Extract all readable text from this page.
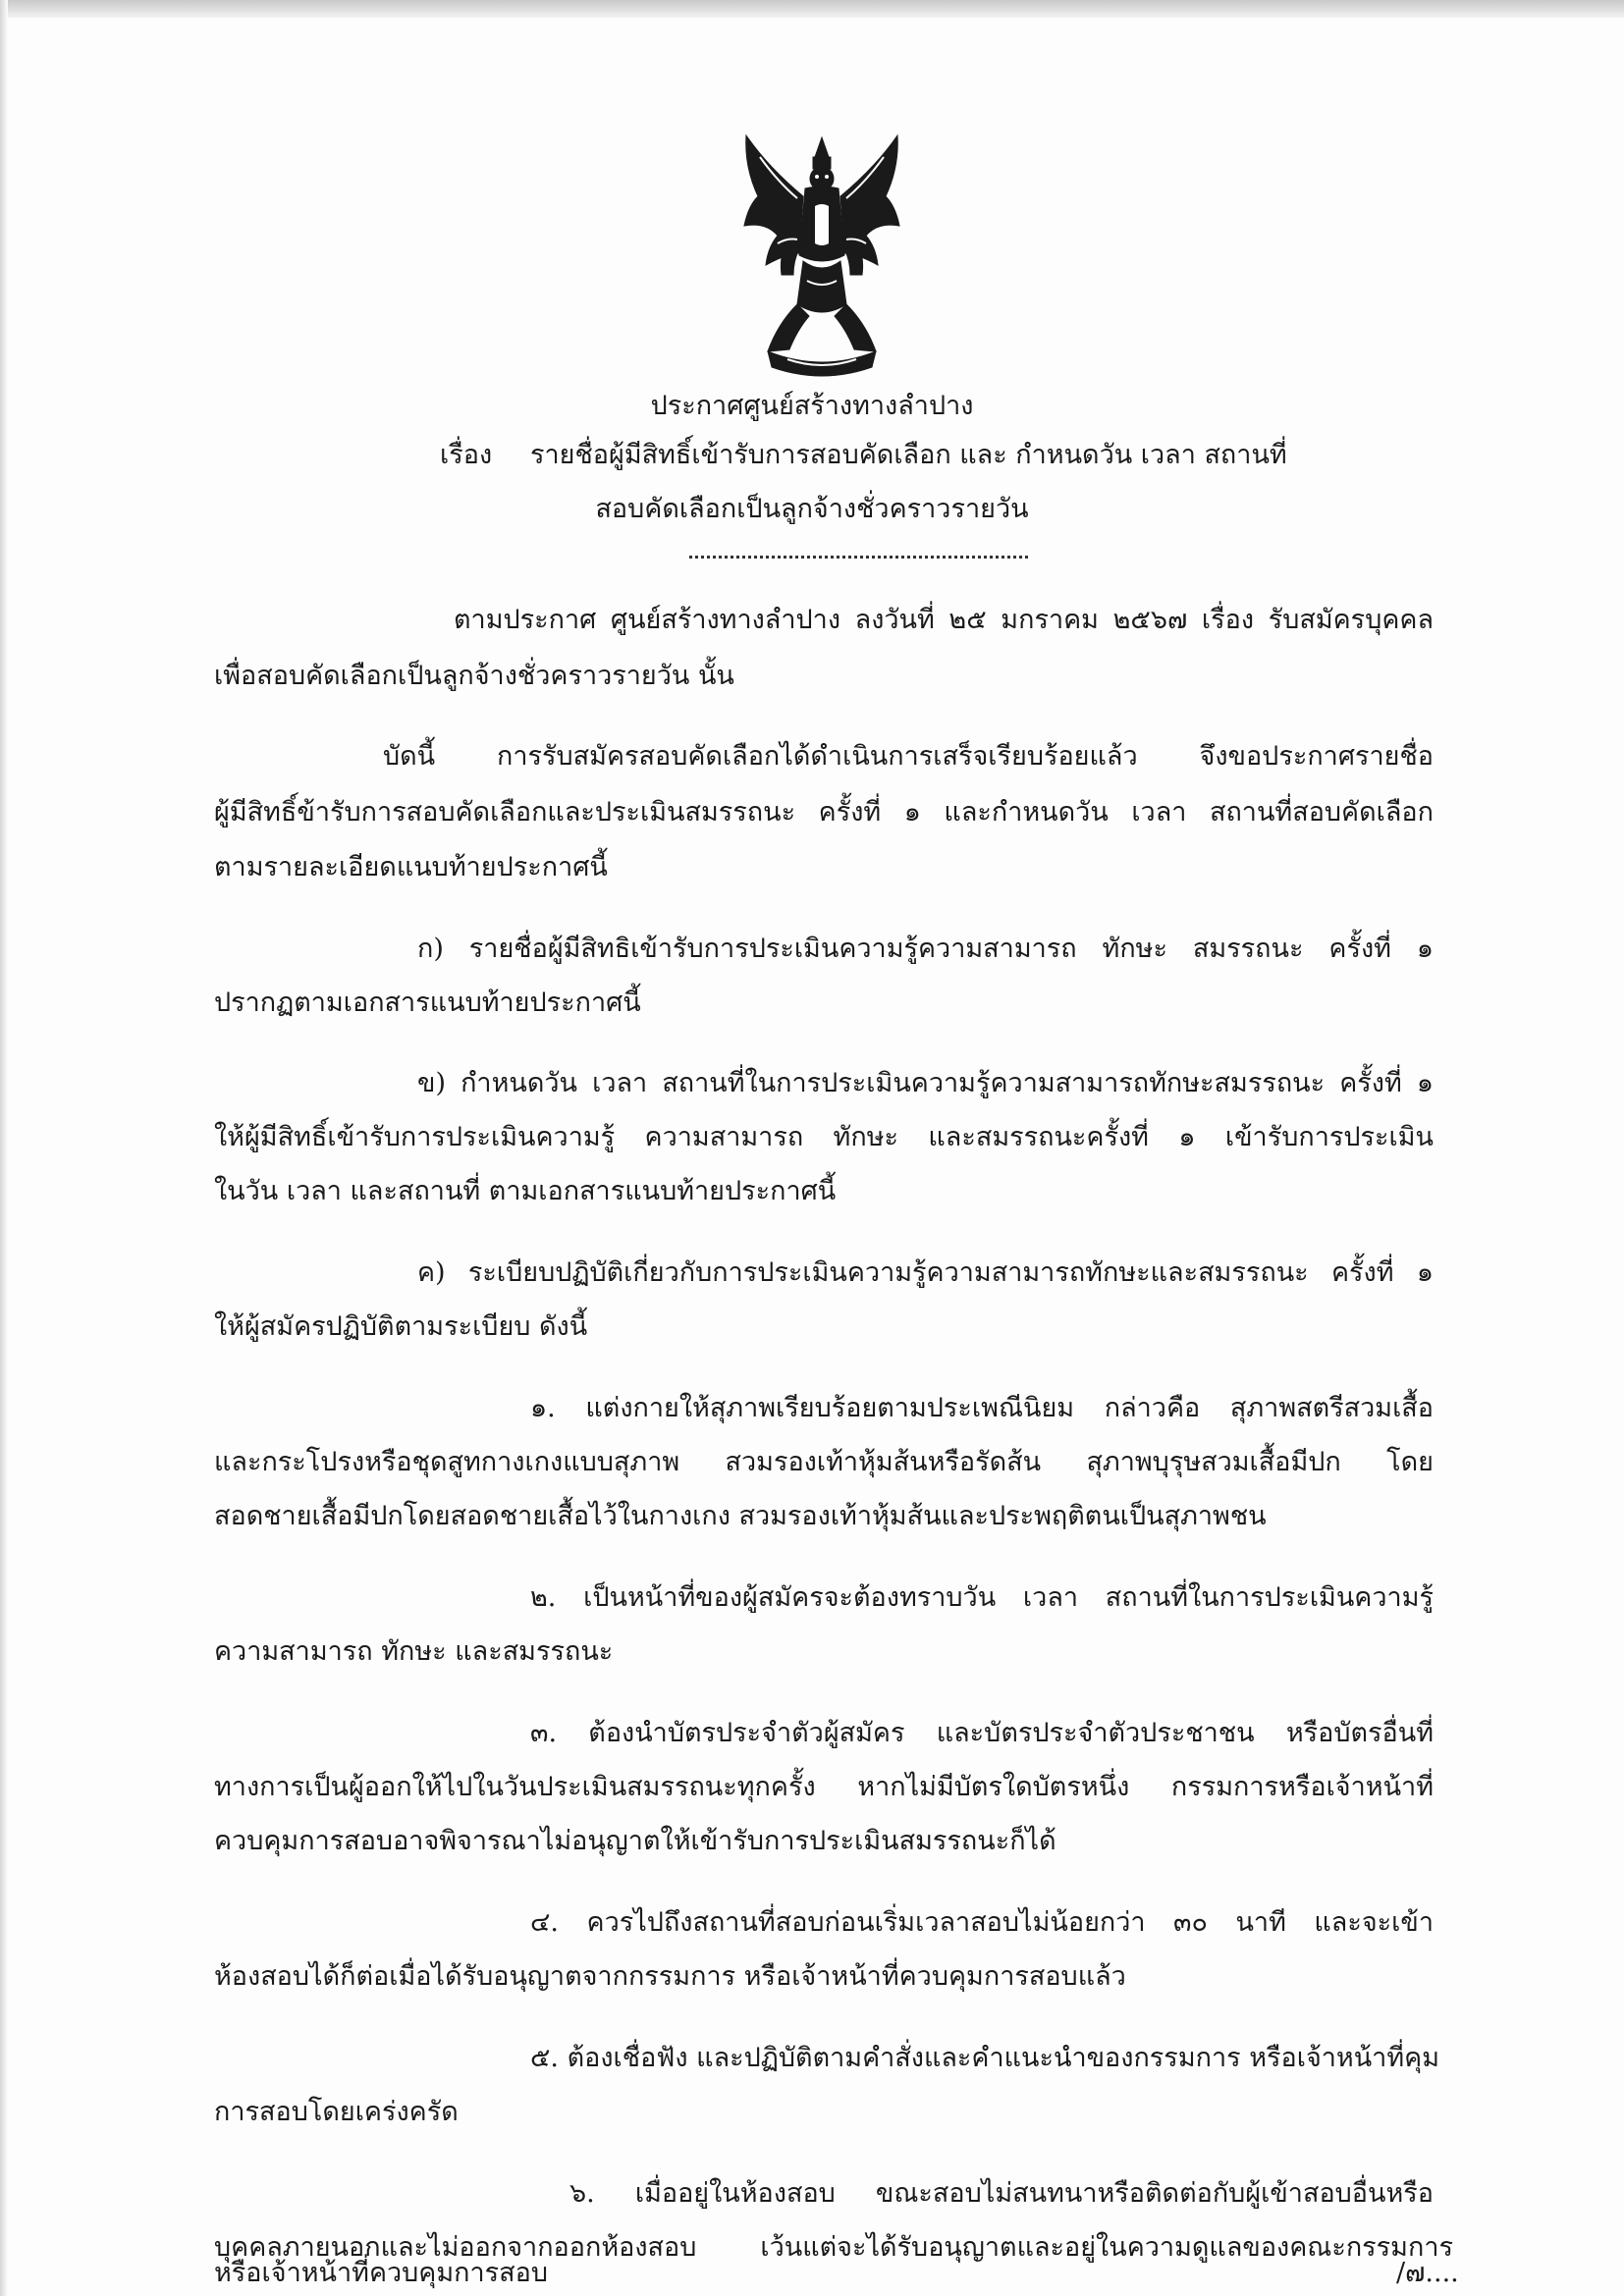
ประกาศศูนย์สร้างทางลำปาง
เรื่อง รายชื่อผู้มีสิทธิ์เข้ารับการสอบคัดเลือก และ กำหนดวัน เวลา สถานที่
สอบคัดเลือกเป็นลูกจ้างชั่วคราวรายวัน
ตามประกาศ ศูนย์สร้างทางลำปาง ลงวันที่ ๒๕ มกราคม ๒๕๖๗ เรื่อง รับสมัครบุคคล
เพื่อสอบคัดเลือกเป็นลูกจ้างชั่วคราวรายวัน นั้น
บัดนี้ การรับสมัครสอบคัดเลือกได้ดำเนินการเสร็จเรียบร้อยแล้ว จึงขอประกาศรายชื่อ
ผู้มีสิทธิ์ข้ารับการสอบคัดเลือกและประเมินสมรรถนะ ครั้งที่ ๑ และกำหนดวัน เวลา สถานที่สอบคัดเลือก
ตามรายละเอียดแนบท้ายประกาศนี้
ก) รายชื่อผู้มีสิทธิเข้ารับการประเมินความรู้ความสามารถ ทักษะ สมรรถนะ ครั้งที่ ๑
ปรากฏตามเอกสารแนบท้ายประกาศนี้
ข) กำหนดวัน เวลา สถานที่ในการประเมินความรู้ความสามารถทักษะสมรรถนะ ครั้งที่ ๑
ให้ผู้มีสิทธิ์เข้ารับการประเมินความรู้ ความสามารถ ทักษะ และสมรรถนะครั้งที่ ๑ เข้ารับการประเมิน
ในวัน เวลา และสถานที่ ตามเอกสารแนบท้ายประกาศนี้
ค) ระเบียบปฏิบัติเกี่ยวกับการประเมินความรู้ความสามารถทักษะและสมรรถนะ ครั้งที่ ๑
ให้ผู้สมัครปฏิบัติตามระเบียบ ดังนี้
๑. แต่งกายให้สุภาพเรียบร้อยตามประเพณีนิยม กล่าวคือ สุภาพสตรีสวมเสื้อ
และกระโปรงหรือชุดสูทกางเกงแบบสุภาพ สวมรองเท้าหุ้มส้นหรือรัดส้น สุภาพบุรุษสวมเสื้อมีปก โดย
สอดชายเสื้อมีปกโดยสอดชายเสื้อไว้ในกางเกง สวมรองเท้าหุ้มส้นและประพฤติตนเป็นสุภาพชน
๒. เป็นหน้าที่ของผู้สมัครจะต้องทราบวัน เวลา สถานที่ในการประเมินความรู้
ความสามารถ ทักษะ และสมรรถนะ
๓. ต้องนำบัตรประจำตัวผู้สมัคร และบัตรประจำตัวประชาชน หรือบัตรอื่นที่
ทางการเป็นผู้ออกให้ไปในวันประเมินสมรรถนะทุกครั้ง หากไม่มีบัตรใดบัตรหนึ่ง กรรมการหรือเจ้าหน้าที่
ควบคุมการสอบอาจพิจารณาไม่อนุญาตให้เข้ารับการประเมินสมรรถนะก็ได้
๔. ควรไปถึงสถานที่สอบก่อนเริ่มเวลาสอบไม่น้อยกว่า ๓๐ นาที และจะเข้า
ห้องสอบได้ก็ต่อเมื่อได้รับอนุญาตจากกรรมการ หรือเจ้าหน้าที่ควบคุมการสอบแล้ว
๕. ต้องเชื่อฟัง และปฏิบัติตามคำสั่งและคำแนะนำของกรรมการ หรือเจ้าหน้าที่คุม
การสอบโดยเคร่งครัด
๖. เมื่ออยู่ในห้องสอบ ขณะสอบไม่สนทนาหรือติดต่อกับผู้เข้าสอบอื่นหรือ
บุคคลภายนอกและไม่ออกจากออกห้องสอบ เว้นแต่จะได้รับอนุญาตและอยู่ในความดูแลของคณะกรรมการ
หรือเจ้าหน้าที่ควบคุมการสอบ	/๗....
